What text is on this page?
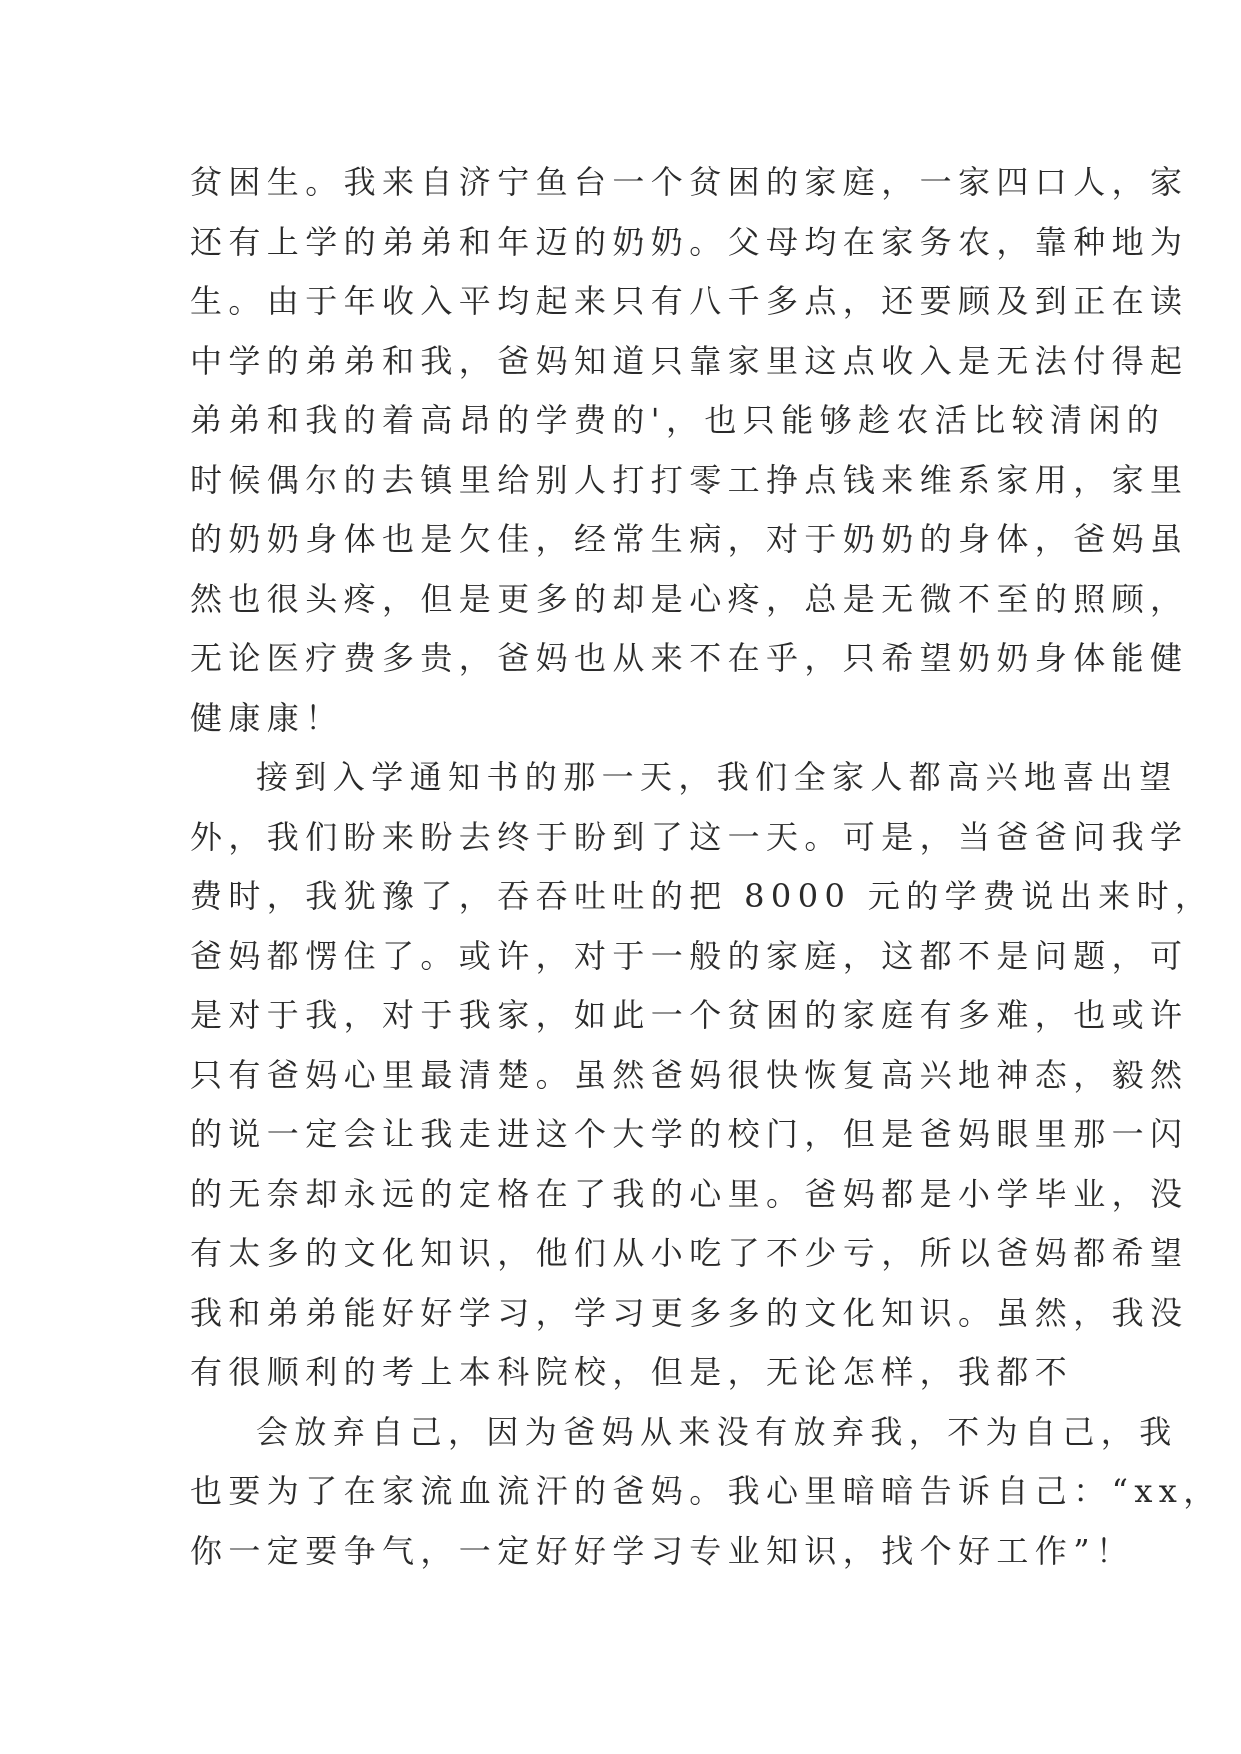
贫困生。我来自济宁鱼台一个贫困的家庭，一家四口人，家
还有上学的弟弟和年迈的奶奶。父母均在家务农，靠种地为
生。由于年收入平均起来只有八千多点，还要顾及到正在读
中学的弟弟和我，爸妈知道只靠家里这点收入是无法付得起
弟弟和我的着高昂的学费的'，也只能够趁农活比较清闲的
时候偶尔的去镇里给别人打打零工挣点钱来维系家用，家里
的奶奶身体也是欠佳，经常生病，对于奶奶的身体，爸妈虽
然也很头疼，但是更多的却是心疼，总是无微不至的照顾，
无论医疗费多贵，爸妈也从来不在乎，只希望奶奶身体能健
健康康！
接到入学通知书的那一天，我们全家人都高兴地喜出望
外，我们盼来盼去终于盼到了这一天。可是，当爸爸问我学
费时，我犹豫了，吞吞吐吐的把 8000 元的学费说出来时，
爸妈都愣住了。或许，对于一般的家庭，这都不是问题，可
是对于我，对于我家，如此一个贫困的家庭有多难，也或许
只有爸妈心里最清楚。虽然爸妈很快恢复高兴地神态，毅然
的说一定会让我走进这个大学的校门，但是爸妈眼里那一闪
的无奈却永远的定格在了我的心里。爸妈都是小学毕业，没
有太多的文化知识，他们从小吃了不少亏，所以爸妈都希望
我和弟弟能好好学习，学习更多多的文化知识。虽然，我没
有很顺利的考上本科院校，但是，无论怎样，我都不
会放弃自己，因为爸妈从来没有放弃我，不为自己，我
也要为了在家流血流汗的爸妈。我心里暗暗告诉自己：“xx，
你一定要争气，一定好好学习专业知识，找个好工作”！
